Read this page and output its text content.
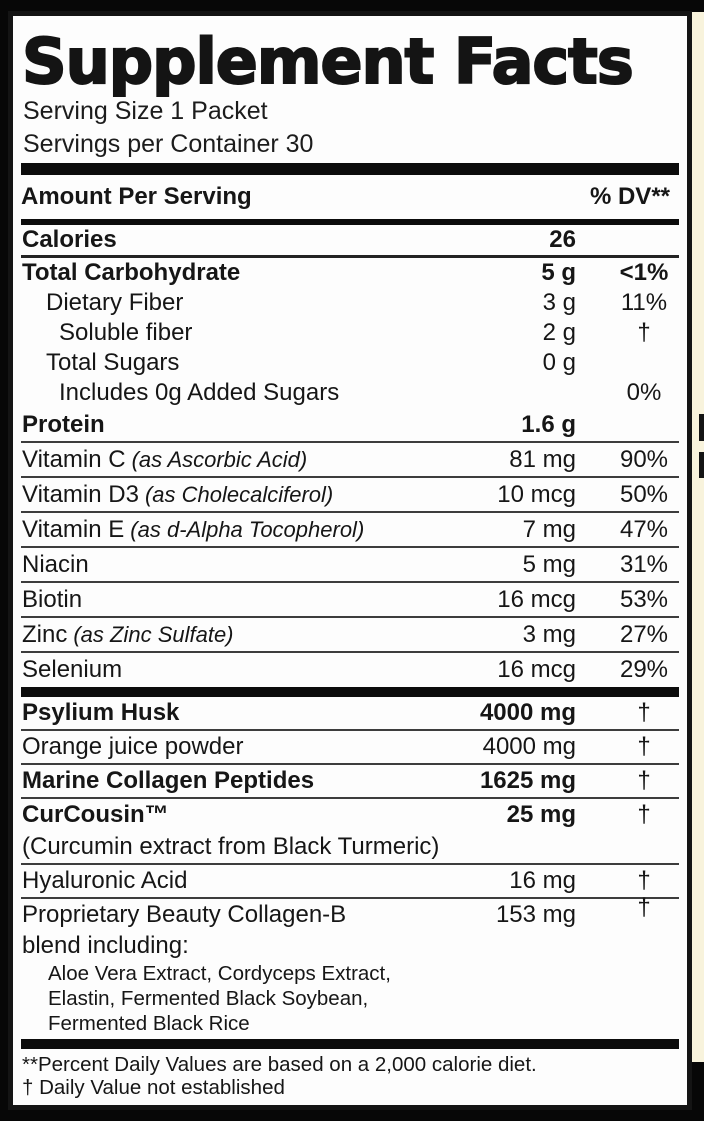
Supplement Facts
Serving Size 1 Packet
Servings per Container 30
Amount Per Serving	% DV**
Calories	26
Total Carbohydrate	5 g <1%
Dietary Fiber	3 g 11%
Soluble fiber	2 g	†
Total Sugars	0 g
Includes 0g Added Sugars	0%
Protein	1.6 g
Vitamin C (as Ascorbic Acid)	81 mg 90%
Vitamin D3 (as Cholecalciferol)	10 mcg 50%
Vitamin E (as d-Alpha Tocopherol)	7 mg 47%
Niacin	5 mg 31%
Biotin	16 mcg 53%
Zinc (as Zinc Sulfate)	3 mg 27%
Selenium	16 mcg 29%
Psylium Husk	4000 mg	†
Orange juice powder	4000 mg	†
Marine Collagen Peptides	1625 mg	†
CurCousin™	25 mg	†
(Curcumin extract from Black Turmeric)
Hyaluronic Acid	16 mg	†
Proprietary Beauty Collagen-B	153 mg	†
blend including:
Aloe Vera Extract, Cordyceps Extract,
Elastin, Fermented Black Soybean,
Fermented Black Rice
**Percent Daily Values are based on a 2,000 calorie diet.
† Daily Value not established
